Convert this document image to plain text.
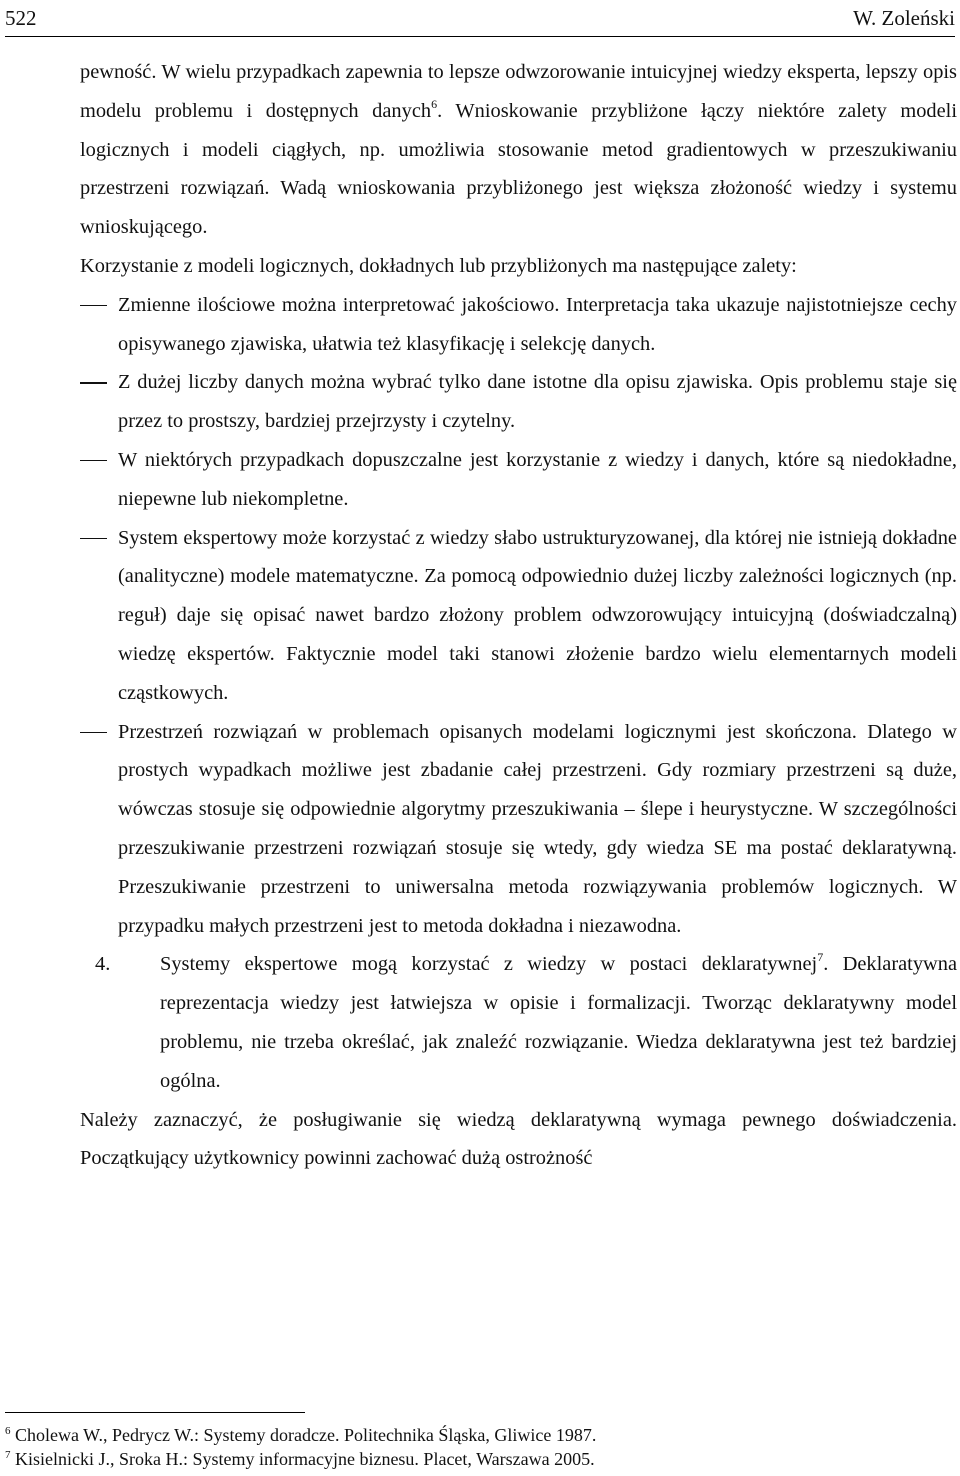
522	W. Zoleński

pewność. W wielu przypadkach zapewnia to lepsze odwzorowanie intuicyjnej wiedzy eksperta, lepszy opis modelu problemu i dostępnych danych$^6$. Wnioskowanie przybliżone łączy niektóre zalety modeli logicznych i modeli ciągłych, np. umożliwia stosowanie metod gradientowych w przeszukiwaniu przestrzeni rozwiązań. Wadą wnioskowania przybliżonego jest większa złożoność wiedzy i systemu wnioskującego.

Korzystanie z modeli logicznych, dokładnych lub przybliżonych ma następujące zalety:

Zmienne ilościowe można interpretować jakościowo. Interpretacja taka ukazuje najistotniejsze cechy opisywanego zjawiska, ułatwia też klasyfikację i selekcję danych.
Z dużej liczby danych można wybrać tylko dane istotne dla opisu zjawiska. Opis problemu staje się przez to prostszy, bardziej przejrzysty i czytelny.
W niektórych przypadkach dopuszczalne jest korzystanie z wiedzy i danych, które są niedokładne, niepewne lub niekompletne.
System ekspertowy może korzystać z wiedzy słabo ustrukturyzowanej, dla której nie istnieją dokładne (analityczne) modele matematyczne. Za pomocą odpowiednio dużej liczby zależności logicznych (np. reguł) daje się opisać nawet bardzo złożony problem odwzorowujący intuicyjną (doświadczalną) wiedzę ekspertów. Faktycznie model taki stanowi złożenie bardzo wielu elementarnych modeli cząstkowych.
Przestrzeń rozwiązań w problemach opisanych modelami logicznymi jest skończona. Dlatego w prostych wypadkach możliwe jest zbadanie całej przestrzeni. Gdy rozmiary przestrzeni są duże, wówczas stosuje się odpowiednie algorytmy przeszukiwania – ślepe i heurystyczne. W szczególności przeszukiwanie przestrzeni rozwiązań stosuje się wtedy, gdy wiedza SE ma postać deklaratywną. Przeszukiwanie przestrzeni to uniwersalna metoda rozwiązywania problemów logicznych. W przypadku małych przestrzeni jest to metoda dokładna i niezawodna.

4. Systemy ekspertowe mogą korzystać z wiedzy w postaci deklaratywnej$^7$. Deklaratywna reprezentacja wiedzy jest łatwiejsza w opisie i formalizacji. Tworząc deklaratywny model problemu, nie trzeba określać, jak znaleźć rozwiązanie. Wiedza deklaratywna jest też bardziej ogólna.

Należy zaznaczyć, że posługiwanie się wiedzą deklaratywną wymaga pewnego doświadczenia. Początkujący użytkownicy powinni zachować dużą ostrożność

$^6$ Cholewa W., Pedrycz W.: Systemy doradcze. Politechnika Śląska, Gliwice 1987.
$^7$ Kisielnicki J., Sroka H.: Systemy informacyjne biznesu. Placet, Warszawa 2005.
